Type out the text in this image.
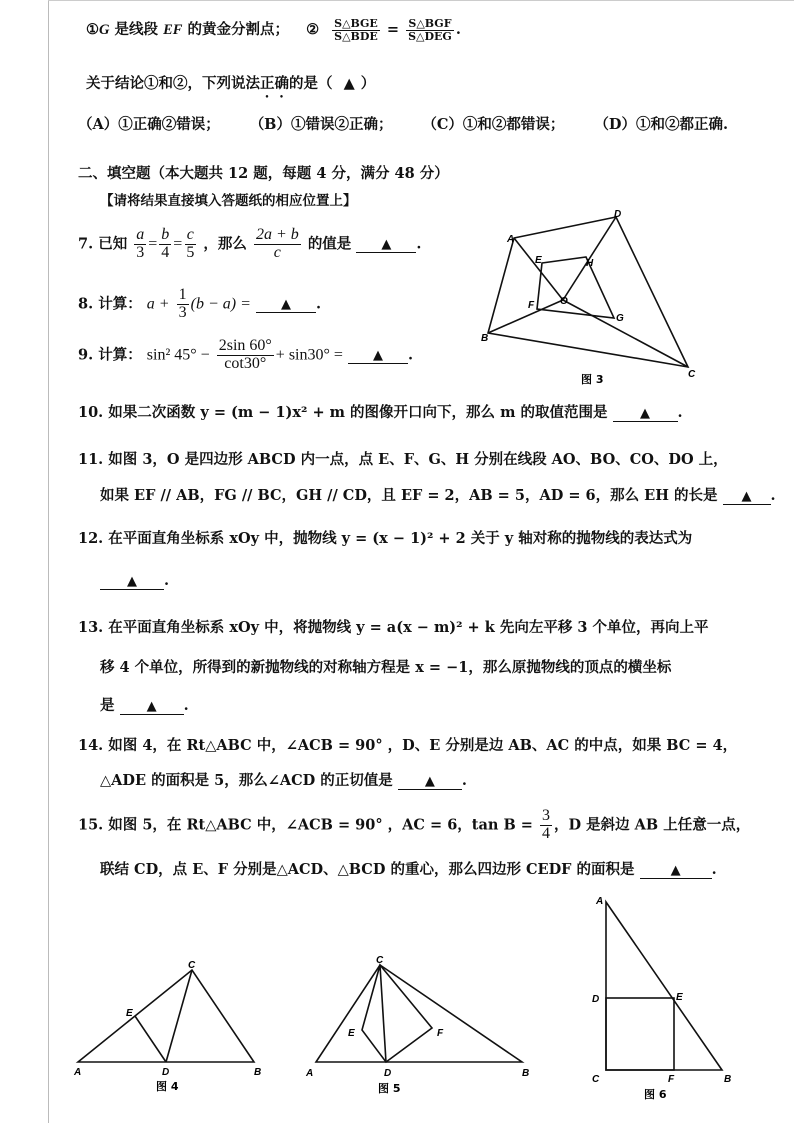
①G 是线段 EF 的黄金分割点； ② $\frac{\text{S△BGE}}{\text{S△BDE}} = \frac{\text{S△BGF}}{\text{S△DEG}}$ .
关于结论①和②，下列说法正确的是（ ▲ ）
（A）①正确②错误； （B）①错误②正确； （C）①和②都错误； （D）①和②都正确.
二、填空题（本大题共 12 题，每题 4 分，满分 48 分）
【请将结果直接填入答题纸的相应位置上】
7. 已知 $\frac{a}{3} = \frac{b}{4} = \frac{c}{5}$ ，那么 $\frac{2a + b}{c}$ 的值是 ▲ .
8. 计算： $a + \frac{1}{3} (b - a)$ = ▲ .
9. 计算： sin² $45^\circ - \frac{2\sin 60^\circ}{\cot 30^\circ} + \sin 30^\circ$ = ▲ .
10. 如果二次函数 y = (m − 1)x² + m 的图像开口向下，那么 m 的取值范围是	▲ .
11. 如图 3，O 是四边形 ABCD 内一点，点 E、F、G、H 分别在线段 AO、BO、CO、DO 上，
如果 EF // AB，FG // BC，GH // CD，且 EF = 2，AB = 5，AD = 6，那么 EH 的长是 ▲ .
12. 在平面直角坐标系 xOy 中，抛物线 y = (x − 1)² + 2 关于 y 轴对称的抛物线的表达式为
▲ .
13. 在平面直角坐标系 xOy 中，将抛物线 y = a(x − m)² + k 先向左平移 3 个单位，再向上平
移 4 个单位，所得到的新抛物线的对称轴方程是 x = −1，那么原抛物线的顶点的横坐标
是 ▲ .
14. 如图 4，在 Rt△ABC 中，∠ACB = 90° ，D、E 分别是边 AB、AC 的中点，如果 BC = 4，
△ADE 的面积是 5，那么∠ACD 的正切值是 ▲ .
15. 如图 5，在 Rt△ABC 中，∠ACB = 90° ，AC = 6，$\tan B = \frac{3}{4}$ ，D 是斜边 AB 上任意一点，
联结 CD，点 E、F 分别是△ACD、△BCD 的重心，那么四边形 CEDF 的面积是	▲ .
A
B
C
D
E
F
G
H
O
图 3
A	B
C
D
E
图 4
A	B
C
D
E	F
图 5
A
B
C
D	E
F
图 6
